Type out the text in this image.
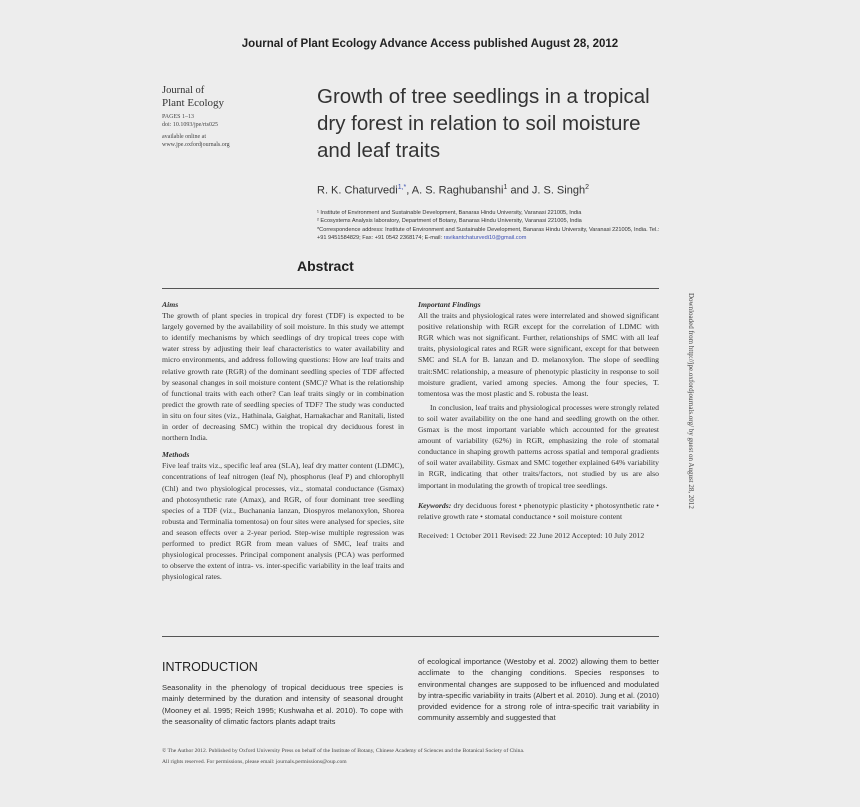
Journal of Plant Ecology Advance Access published August 28, 2012
Journal of
Plant Ecology
PAGES 1–13
doi: 10.1093/jpe/rts025
available online at
www.jpe.oxfordjournals.org
Growth of tree seedlings in a tropical dry forest in relation to soil moisture and leaf traits
R. K. Chaturvedi$^{1,*}$, A. S. Raghubanshi$^1$ and J. S. Singh$^2$
¹ Institute of Environment and Sustainable Development, Banaras Hindu University, Varanasi 221005, India
² Ecosystems Analysis laboratory, Department of Botany, Banaras Hindu University, Varanasi 221005, India
*Correspondence address: Institute of Environment and Sustainable Development, Banaras Hindu University, Varanasi 221005, India. Tel.: +91 9451584829; Fax: +91 0542 2368174; E-mail: ravikantchaturvedi10@gmail.com
Abstract
Aims
The growth of plant species in tropical dry forest (TDF) is expected to be largely governed by the availability of soil moisture. In this study we attempt to identify mechanisms by which seedlings of dry tropical trees cope with water stress by adjusting their leaf characteristics to water availability and micro environments, and address following questions: How are leaf traits and relative growth rate (RGR) of the dominant seedling species of TDF affected by seasonal changes in soil moisture content (SMC)? What is the relationship of functional traits with each other? Can leaf traits singly or in combination predict the growth rate of seedling species of TDF? The study was conducted in situ on four sites (viz., Hathinala, Gaighat, Harnakachar and Ranitali, listed in order of decreasing SMC) within the tropical dry deciduous forest in northern India.
Methods
Five leaf traits viz., specific leaf area (SLA), leaf dry matter content (LDMC), concentrations of leaf nitrogen (leaf N), phosphorus (leaf P) and chlorophyll (Chl) and two physiological processes, viz., stomatal conductance (Gsmax) and photosynthetic rate (Amax), and RGR, of four dominant tree seedling species of a TDF (viz., Buchanania lanzan, Diospyros melanoxylon, Shorea robusta and Terminalia tomentosa) on four sites were analysed for species, site and season effects over a 2-year period. Step-wise multiple regression was performed to predict RGR from mean values of SMC, leaf traits and physiological processes. Principal component analysis (PCA) was performed to observe the extent of intra- vs. inter-specific variability in the leaf traits and physiological rates.
Important Findings
All the traits and physiological rates were interrelated and showed significant positive relationship with RGR except for the correlation of LDMC with RGR which was not significant. Further, relationships of SMC with all leaf traits, physiological rates and RGR were significant, except for that between SMC and SLA for B. lanzan and D. melanoxylon. The slope of seedling trait:SMC relationship, a measure of phenotypic plasticity in response to soil moisture gradient, varied among species. Among the four species, T. tomentosa was the most plastic and S. robusta the least.
In conclusion, leaf traits and physiological processes were strongly related to soil water availability on the one hand and seedling growth on the other. Gsmax is the most important variable which accounted for the greatest amount of variability (62%) in RGR, emphasizing the role of stomatal conductance in shaping growth patterns across spatial and temporal gradients of soil water availability. Gsmax and SMC together explained 64% variability in RGR, indicating that other traits/factors, not studied by us are also important in modulating the growth of tropical tree seedlings.
Keywords: dry deciduous forest • phenotypic plasticity • photosynthetic rate • relative growth rate • stomatal conductance • soil moisture content
Received: 1 October 2011 Revised: 22 June 2012 Accepted: 10 July 2012
Downloaded from http://jpe.oxfordjournals.org/ by guest on August 28, 2012
INTRODUCTION
Seasonality in the phenology of tropical deciduous tree species is mainly determined by the duration and intensity of seasonal drought (Mooney et al. 1995; Reich 1995; Kushwaha et al. 2010). To cope with the seasonality of climatic factors plants adapt traits
of ecological importance (Westoby et al. 2002) allowing them to better acclimate to the changing conditions. Species responses to environmental changes are supposed to be influenced and modulated by intra-specific variability in traits (Albert et al. 2010). Jung et al. (2010) provided evidence for a strong role of intra-specific trait variability in community assembly and suggested that
© The Author 2012. Published by Oxford University Press on behalf of the Institute of Botany, Chinese Academy of Sciences and the Botanical Society of China.
All rights reserved. For permissions, please email: journals.permissions@oup.com
